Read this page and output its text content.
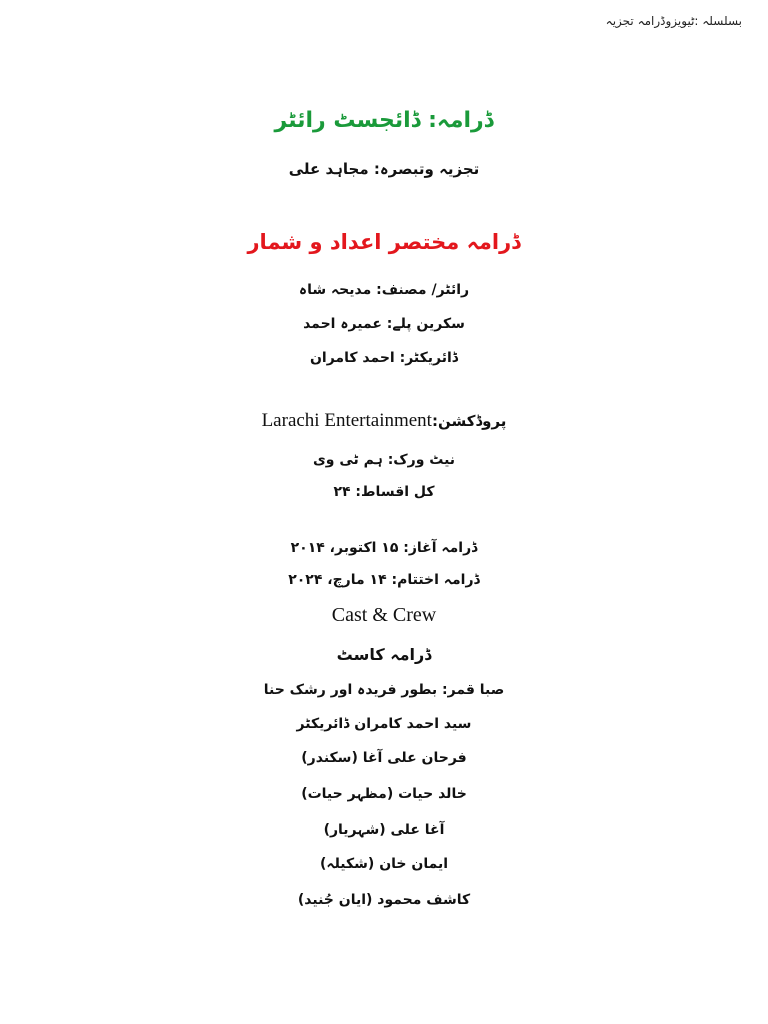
بسلسلہ :ٹیویزوڈرامہ تجزیہ
ڈرامہ: ڈائجسٹ رائٹر
تجزیہ وتبصرہ: مجاہد علی
ڈرامہ مختصر اعداد و شمار
رائٹر/ مصنف: مدیحہ شاہ
سکرین پلے: عمیرہ احمد
ڈائریکٹر: احمد کامران
پروڈکشن:Larachi Entertainment
نیٹ ورک: ہم ٹی وی
کل اقساط: ۲۴
ڈرامہ آغاز: ۱۵ اکتوبر، ۲۰۱۴
ڈرامہ اختتام: ۱۴ مارچ، ۲۰۲۴
Cast & Crew
ڈرامہ کاسٹ
صبا قمر: بطور فریدہ اور رشک حنا
سید احمد کامران ڈائریکٹر
فرحان علی آغا (سکندر)
خالد حیات (مظہر حیات)
آغا علی (شہریار)
ایمان خان (شکیلہ)
کاشف محمود (ایان جُنید)
